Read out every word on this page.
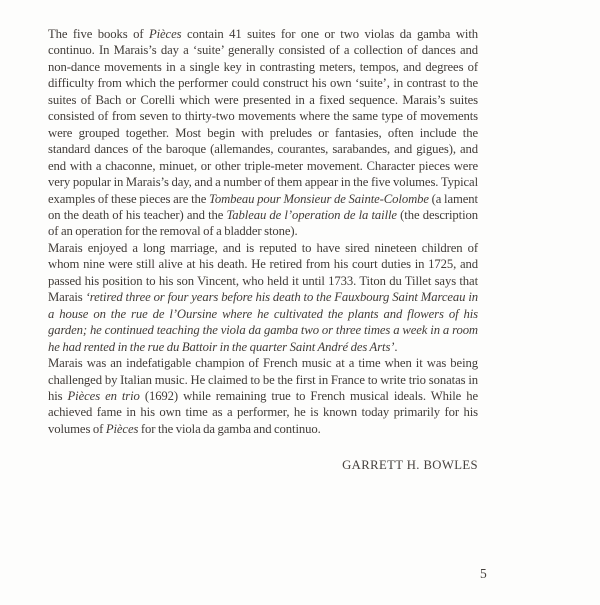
The five books of Pièces contain 41 suites for one or two violas da gamba with continuo. In Marais’s day a ‘suite’ generally consisted of a collection of dances and non-dance movements in a single key in contrasting meters, tempos, and degrees of difficulty from which the performer could construct his own ‘suite’, in contrast to the suites of Bach or Corelli which were presented in a fixed sequence. Marais’s suites consisted of from seven to thirty-two movements where the same type of movements were grouped together. Most begin with preludes or fantasies, often include the standard dances of the baroque (allemandes, courantes, sarabandes, and gigues), and end with a chaconne, minuet, or other triple-meter movement. Character pieces were very popular in Marais’s day, and a number of them appear in the five volumes. Typical examples of these pieces are the Tombeau pour Monsieur de Sainte-Colombe (a lament on the death of his teacher) and the Tableau de l’operation de la taille (the description of an operation for the removal of a bladder stone).

Marais enjoyed a long marriage, and is reputed to have sired nineteen children of whom nine were still alive at his death. He retired from his court duties in 1725, and passed his position to his son Vincent, who held it until 1733. Titon du Tillet says that Marais ‘retired three or four years before his death to the Fauxbourg Saint Marceau in a house on the rue de l’Oursine where he cultivated the plants and flowers of his garden; he continued teaching the viola da gamba two or three times a week in a room he had rented in the rue du Battoir in the quarter Saint André des Arts’.

Marais was an indefatigable champion of French music at a time when it was being challenged by Italian music. He claimed to be the first in France to write trio sonatas in his Pièces en trio (1692) while remaining true to French musical ideals. While he achieved fame in his own time as a performer, he is known today primarily for his volumes of Pièces for the viola da gamba and continuo.

GARRETT H. BOWLES
5
